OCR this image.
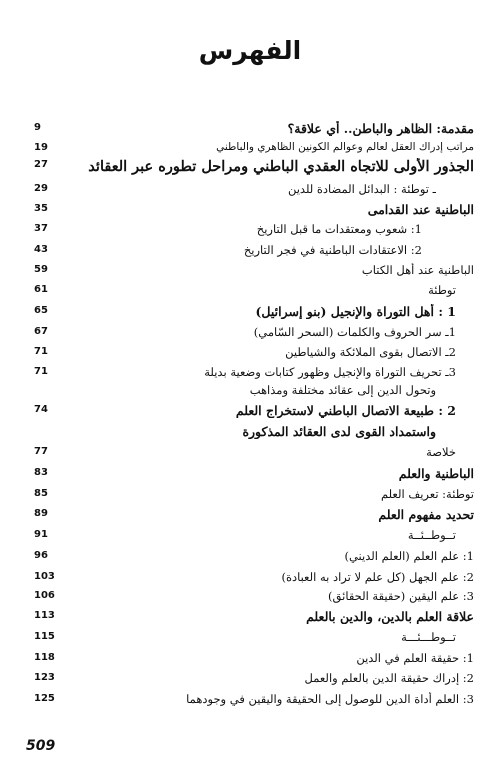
الفهرس
9	مقدمة: الظاهر والباطن.. أي علاقة؟
19	مراتب إدراك العقل لعالم وعوالم الكونين الظاهري والباطني
27	الجذور الأولى للاتجاه العقدي الباطني ومراحل تطوره عبر العقائد
29	ـ توطئة : البدائل المضادة للدين
35	الباطنية عند القدامى
37	1: شعوب ومعتقدات ما قبل التاريخ
43	2: الاعتقادات الباطنية في فجر التاريخ
59	الباطنية عند أهل الكتاب
61	توطئة
65	1 : أهل التوراة والإنجيل (بنو إسرائيل)
67	1ـ سر الحروف والكلمات (السحر السّامي)
71	2ـ الاتصال بقوى الملائكة والشياطين
71	3ـ تحريف التوراة والإنجيل وظهور كتابات وضعية بديلة
وتحول الدين إلى عقائد مختلفة ومذاهب
74	2 : طبيعة الاتصال الباطني لاستخراج العلم
واستمداد القوى لدى العقائد المذكورة
77	خلاصة
83	الباطنية والعلم
85	توطئة: تعريف العلم
89	تحديد مفهوم العلم
91	تــوطــئــة
96	1: علم العلم (العلم الديني)
103	2: علم الجهل (كل علم لا تراد به العبادة)
106	3: علم اليقين (حقيقة الحقائق)
113	علاقة العلم بالدين، والدين بالعلم
115	تــوطـــئـــة
118	1: حقيقة العلم في الدين
123	2: إدراك حقيقة الدين بالعلم والعمل
125	3: العلم أداة الدين للوصول إلى الحقيقة واليقين في وجودهما
509
